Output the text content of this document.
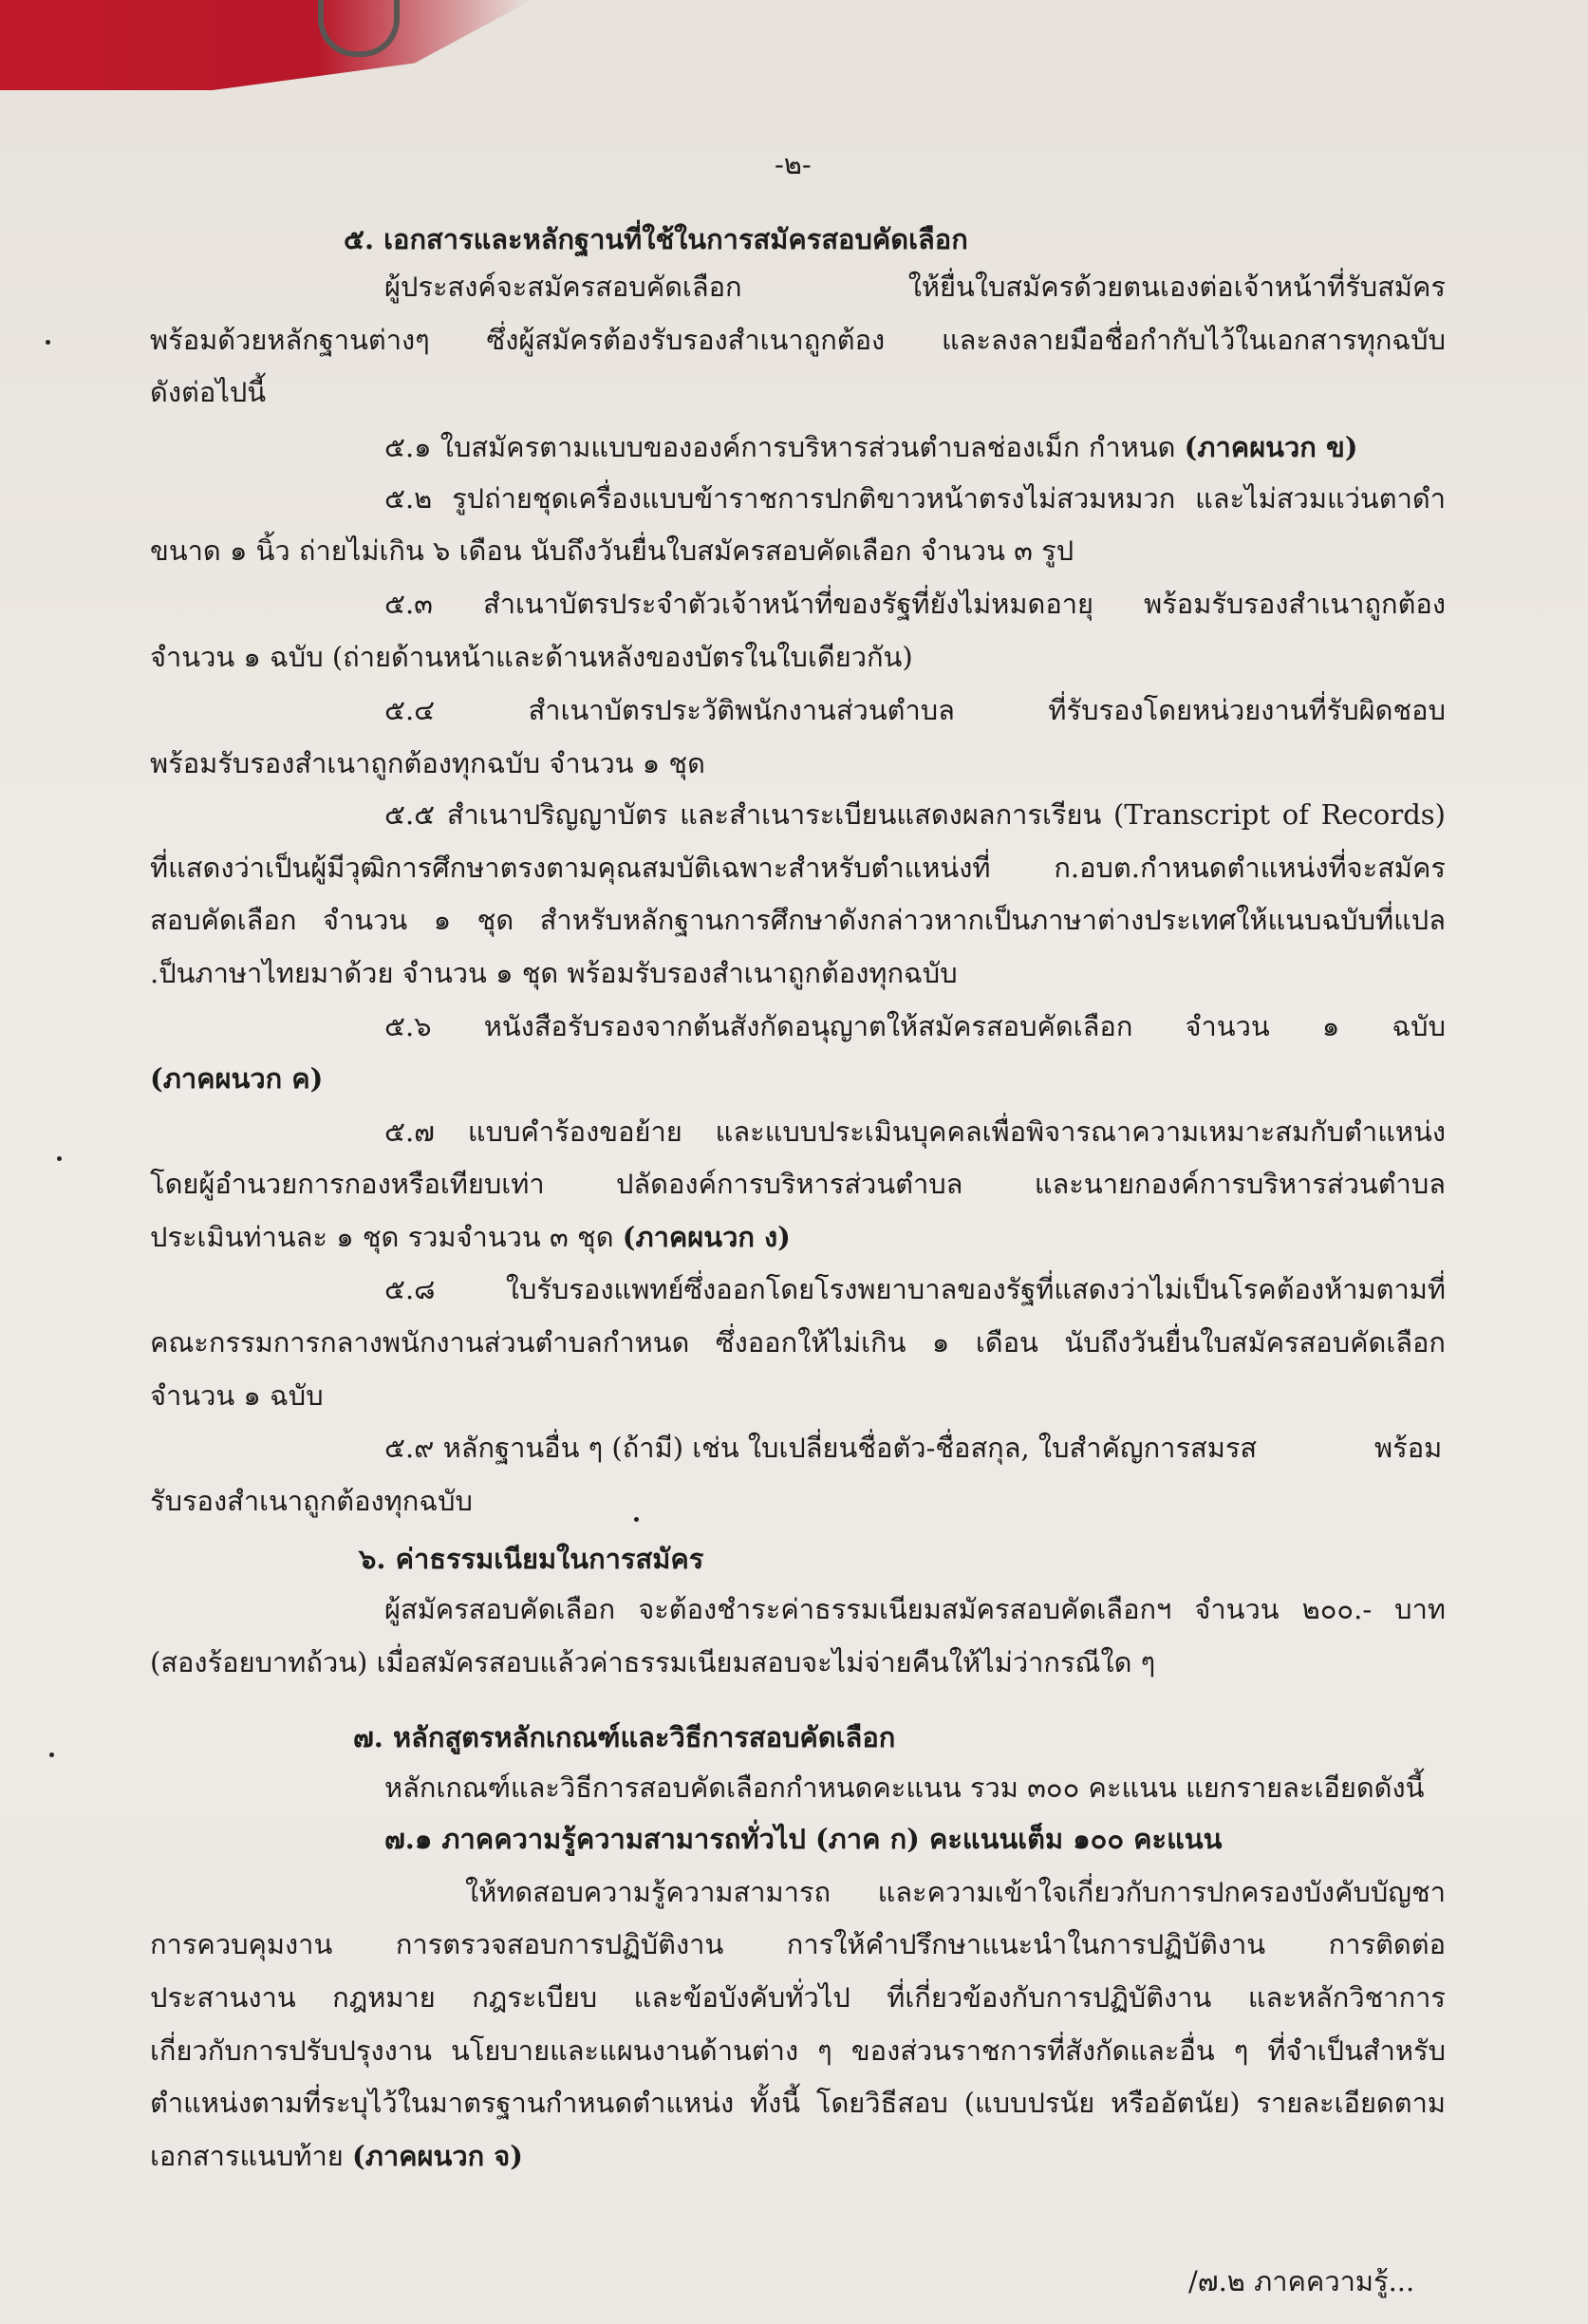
-๒-
๕. เอกสารและหลักฐานที่ใช้ในการสมัครสอบคัดเลือก
ผู้ประสงค์จะสมัครสอบคัดเลือก ให้ยื่นใบสมัครด้วยตนเองต่อเจ้าหน้าที่รับสมัคร
พร้อมด้วยหลักฐานต่างๆ ซึ่งผู้สมัครต้องรับรองสำเนาถูกต้อง และลงลายมือชื่อกำกับไว้ในเอกสารทุกฉบับ
ดังต่อไปนี้
๕.๑ ใบสมัครตามแบบขององค์การบริหารส่วนตำบลช่องเม็ก กำหนด (ภาคผนวก ข)
๕.๒ รูปถ่ายชุดเครื่องแบบข้าราชการปกติขาวหน้าตรงไม่สวมหมวก และไม่สวมแว่นตาดำ
ขนาด ๑ นิ้ว ถ่ายไม่เกิน ๖ เดือน นับถึงวันยื่นใบสมัครสอบคัดเลือก จำนวน ๓ รูป
๕.๓ สำเนาบัตรประจำตัวเจ้าหน้าที่ของรัฐที่ยังไม่หมดอายุ พร้อมรับรองสำเนาถูกต้อง
จำนวน ๑ ฉบับ (ถ่ายด้านหน้าและด้านหลังของบัตรในใบเดียวกัน)
๕.๔ สำเนาบัตรประวัติพนักงานส่วนตำบล ที่รับรองโดยหน่วยงานที่รับผิดชอบ
พร้อมรับรองสำเนาถูกต้องทุกฉบับ จำนวน ๑ ชุด
๕.๕ สำเนาปริญญาบัตร และสำเนาระเบียนแสดงผลการเรียน (Transcript of Records)
ที่แสดงว่าเป็นผู้มีวุฒิการศึกษาตรงตามคุณสมบัติเฉพาะสำหรับตำแหน่งที่ ก.อบต.กำหนดตำแหน่งที่จะสมัคร
สอบคัดเลือก จำนวน ๑ ชุด สำหรับหลักฐานการศึกษาดังกล่าวหากเป็นภาษาต่างประเทศให้แนบฉบับที่แปล
.ป็นภาษาไทยมาด้วย จำนวน ๑ ชุด พร้อมรับรองสำเนาถูกต้องทุกฉบับ
๕.๖ หนังสือรับรองจากต้นสังกัดอนุญาตให้สมัครสอบคัดเลือก จำนวน ๑ ฉบับ
(ภาคผนวก ค)
๕.๗ แบบคำร้องขอย้าย และแบบประเมินบุคคลเพื่อพิจารณาความเหมาะสมกับตำแหน่ง
โดยผู้อำนวยการกองหรือเทียบเท่า ปลัดองค์การบริหารส่วนตำบล และนายกองค์การบริหารส่วนตำบล
ประเมินท่านละ ๑ ชุด รวมจำนวน ๓ ชุด (ภาคผนวก ง)
๕.๘ ใบรับรองแพทย์ซึ่งออกโดยโรงพยาบาลของรัฐที่แสดงว่าไม่เป็นโรคต้องห้ามตามที่
คณะกรรมการกลางพนักงานส่วนตำบลกำหนด ซึ่งออกให้ไม่เกิน ๑ เดือน นับถึงวันยื่นใบสมัครสอบคัดเลือก
จำนวน ๑ ฉบับ
๕.๙ หลักฐานอื่น ๆ (ถ้ามี) เช่น ใบเปลี่ยนชื่อตัว-ชื่อสกุล, ใบสำคัญการสมรส	พร้อม
รับรองสำเนาถูกต้องทุกฉบับ
๖. ค่าธรรมเนียมในการสมัคร
ผู้สมัครสอบคัดเลือก จะต้องชำระค่าธรรมเนียมสมัครสอบคัดเลือกฯ จำนวน ๒๐๐.- บาท
(สองร้อยบาทถ้วน) เมื่อสมัครสอบแล้วค่าธรรมเนียมสอบจะไม่จ่ายคืนให้ไม่ว่ากรณีใด ๆ
๗. หลักสูตรหลักเกณฑ์และวิธีการสอบคัดเลือก
หลักเกณฑ์และวิธีการสอบคัดเลือกกำหนดคะแนน รวม ๓๐๐ คะแนน แยกรายละเอียดดังนี้
๗.๑ ภาคความรู้ความสามารถทั่วไป (ภาค ก) คะแนนเต็ม ๑๐๐ คะแนน
ให้ทดสอบความรู้ความสามารถ และความเข้าใจเกี่ยวกับการปกครองบังคับบัญชา
การควบคุมงาน การตรวจสอบการปฏิบัติงาน การให้คำปรึกษาแนะนำในการปฏิบัติงาน การติดต่อ
ประสานงาน กฎหมาย กฎระเบียบ และข้อบังคับทั่วไป ที่เกี่ยวข้องกับการปฏิบัติงาน และหลักวิชาการ
เกี่ยวกับการปรับปรุงงาน นโยบายและแผนงานด้านต่าง ๆ ของส่วนราชการที่สังกัดและอื่น ๆ ที่จำเป็นสำหรับ
ตำแหน่งตามที่ระบุไว้ในมาตรฐานกำหนดตำแหน่ง ทั้งนี้ โดยวิธีสอบ (แบบปรนัย หรืออัตนัย) รายละเอียดตาม
เอกสารแนบท้าย (ภาคผนวก จ)
/๗.๒ ภาคความรู้...
